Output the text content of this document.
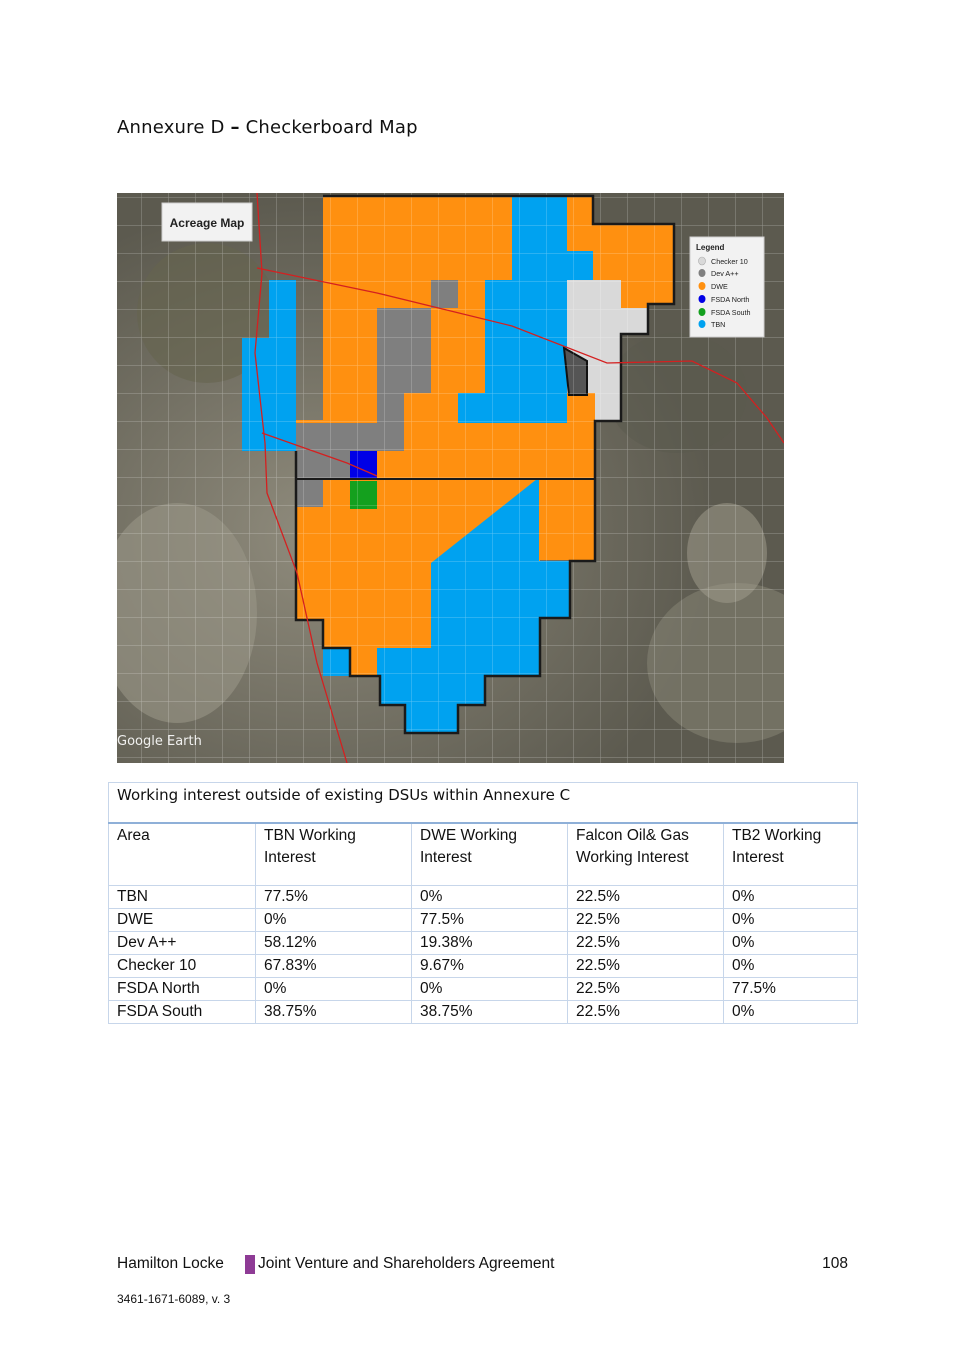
Annexure D – Checkerboard Map
Acreage Map
Legend
Checker 10
Dev A++
DWE
FSDA North
FSDA South
TBN
Google Earth
Working interest outside of existing DSUs within Annexure C				
Area	TBN Working Interest	DWE Working Interest	Falcon Oil& Gas Working Interest	TB2 Working Interest
TBN	77.5%	0%	22.5%	0%
DWE	0%	77.5%	22.5%	0%
Dev A++	58.12%	19.38%	22.5%	0%
Checker 10	67.83%	9.67%	22.5%	0%
FSDA North	0%	0%	22.5%	77.5%
FSDA South	38.75%	38.75%	22.5%	0%
Hamilton Locke Joint Venture and Shareholders Agreement	108
3461-1671-6089, v. 3
